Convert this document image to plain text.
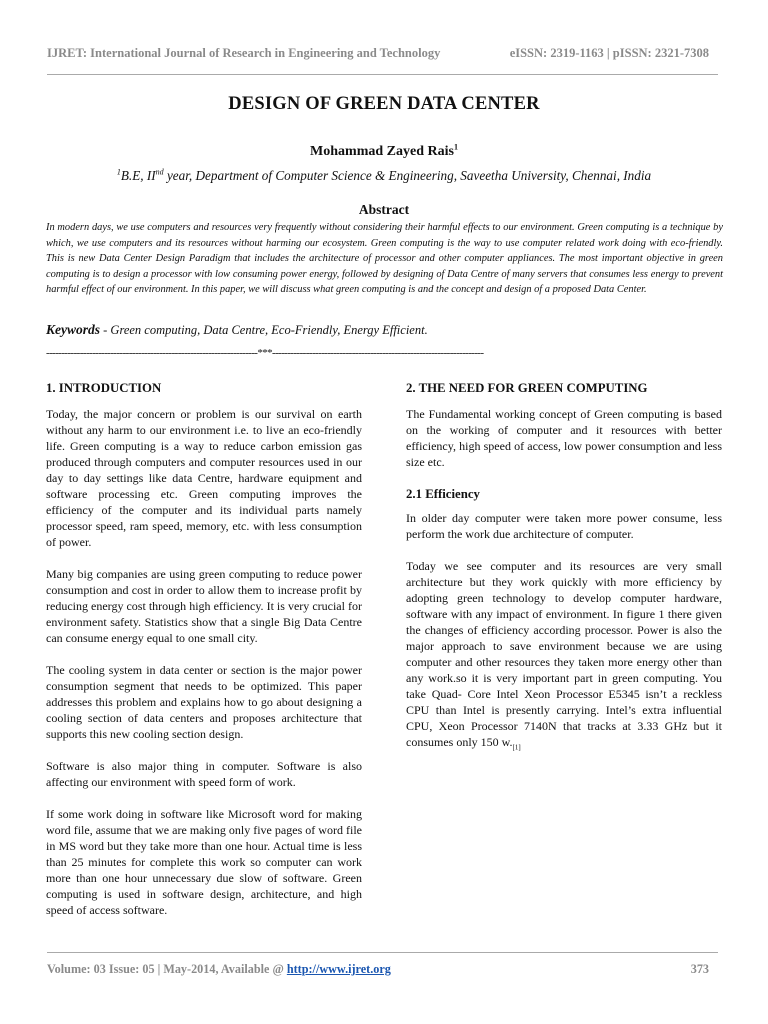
IJRET: International Journal of Research in Engineering and Technology	eISSN: 2319-1163 | pISSN: 2321-7308
DESIGN OF GREEN DATA CENTER
Mohammad Zayed Rais$^1$
$^1$B.E, IInd year, Department of Computer Science & Engineering, Saveetha University, Chennai, India
Abstract

In modern days, we use computers and resources very frequently without considering their harmful effects to our environment. Green computing is a technique by which, we use computers and its resources without harming our ecosystem. Green computing is the way to use computer related work doing with eco-friendly. This is new Data Center Design Paradigm that includes the architecture of processor and other computer appliances. The most important objective in green computing is to design a processor with low consuming power energy, followed by designing of Data Centre of many servers that consumes less energy to prevent harmful effect of our environment. In this paper, we will discuss what green computing is and the concept and design of a proposed Data Center.

Keywords - Green computing, Data Centre, Eco-Friendly, Energy Efficient.
---------------------------------------------------------------------***---------------------------------------------------------------------
1. INTRODUCTION

Today, the major concern or problem is our survival on earth without any harm to our environment i.e. to live an eco-friendly life. Green computing is a way to reduce carbon emission gas produced through computers and computer resources used in our day to day settings like data Centre, hardware equipment and software processing etc. Green computing improves the efficiency of the computer and its individual parts namely processor speed, ram speed, memory, etc. with less consumption of power.

Many big companies are using green computing to reduce power consumption and cost in order to allow them to increase profit by reducing energy cost through high efficiency. It is very crucial for environment safety. Statistics show that a single Big Data Centre can consume energy equal to one small city.

The cooling system in data center or section is the major power consumption segment that needs to be optimized. This paper addresses this problem and explains how to go about designing a cooling section of data centers and proposes architecture that supports this new cooling section design.

Software is also major thing in computer. Software is also affecting our environment with speed form of work.

If some work doing in software like Microsoft word for making word file, assume that we are making only five pages of word file in MS word but they take more than one hour. Actual time is less than 25 minutes for complete this work so computer can work more than one hour unnecessary due slow of software. Green computing is used in software design, architecture, and high speed of access software.

2. THE NEED FOR GREEN COMPUTING

The Fundamental working concept of Green computing is based on the working of computer and it resources with better efficiency, high speed of access, low power consumption and less size etc.

2.1 Efficiency

In older day computer were taken more power consume, less perform the work due architecture of computer.

Today we see computer and its resources are very small architecture but they work quickly with more efficiency by adopting green technology to develop computer hardware, software with any impact of environment. In figure 1 there given the changes of efficiency according processor. Power is also the major approach to save environment because we are using computer and other resources they taken more energy other than any work.so it is very important part in green computing. You take Quad- Core Intel Xeon Processor E5345 isn’t a reckless CPU than Intel is presently carrying. Intel’s extra influential CPU, Xeon Processor 7140N that tracks at 3.33 GHz but it consumes only 150 $w._{[1]}$

Volume: 03 Issue: 05 | May-2014, Available @ http://www.ijret.org	373
